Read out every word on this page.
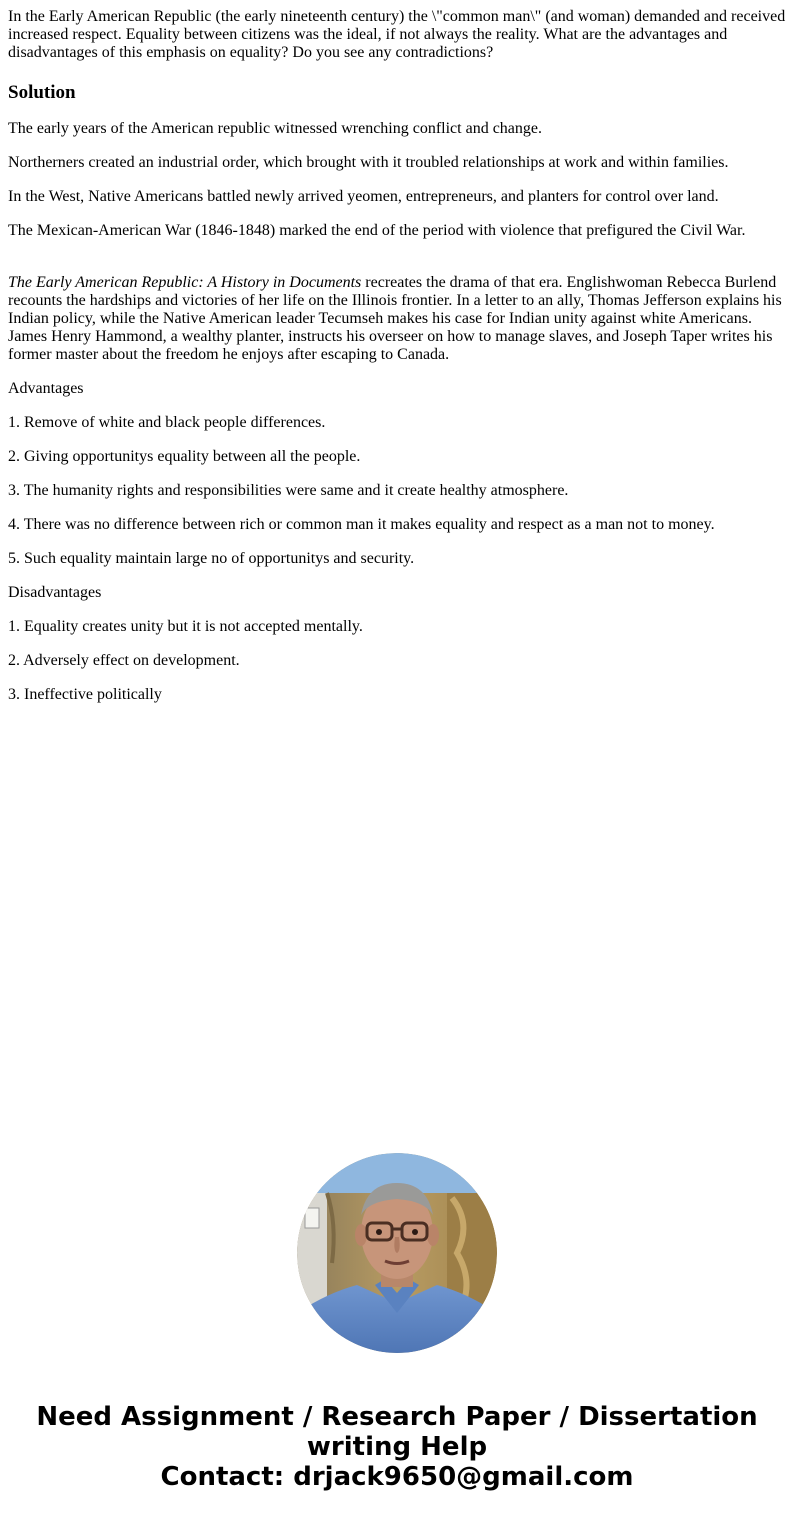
In the Early American Republic (the early nineteenth century) the \"common man\" (and woman) demanded and received increased respect. Equality between citizens was the ideal, if not always the reality. What are the advantages and disadvantages of this emphasis on equality? Do you see any contradictions?

Solution

The early years of the American republic witnessed wrenching conflict and change.

Northerners created an industrial order, which brought with it troubled relationships at work and within families.

In the West, Native Americans battled newly arrived yeomen, entrepreneurs, and planters for control over land.

The Mexican-American War (1846-1848) marked the end of the period with violence that prefigured the Civil War.

The Early American Republic: A History in Documents recreates the drama of that era. Englishwoman Rebecca Burlend recounts the hardships and victories of her life on the Illinois frontier. In a letter to an ally, Thomas Jefferson explains his Indian policy, while the Native American leader Tecumseh makes his case for Indian unity against white Americans. James Henry Hammond, a wealthy planter, instructs his overseer on how to manage slaves, and Joseph Taper writes his former master about the freedom he enjoys after escaping to Canada.

Advantages

1. Remove of white and black people differences.

2. Giving opportunitys equality between all the people.

3. The humanity rights and responsibilities were same and it create healthy atmosphere.

4. There was no difference between rich or common man it makes equality and respect as a man not to money.

5. Such equality maintain large no of opportunitys and security.

Disadvantages

1. Equality creates unity but it is not accepted mentally.

2. Adversely effect on development.

3. Ineffective politically

Need Assignment / Research Paper / Dissertation
writing Help
Contact: drjack9650@gmail.com
